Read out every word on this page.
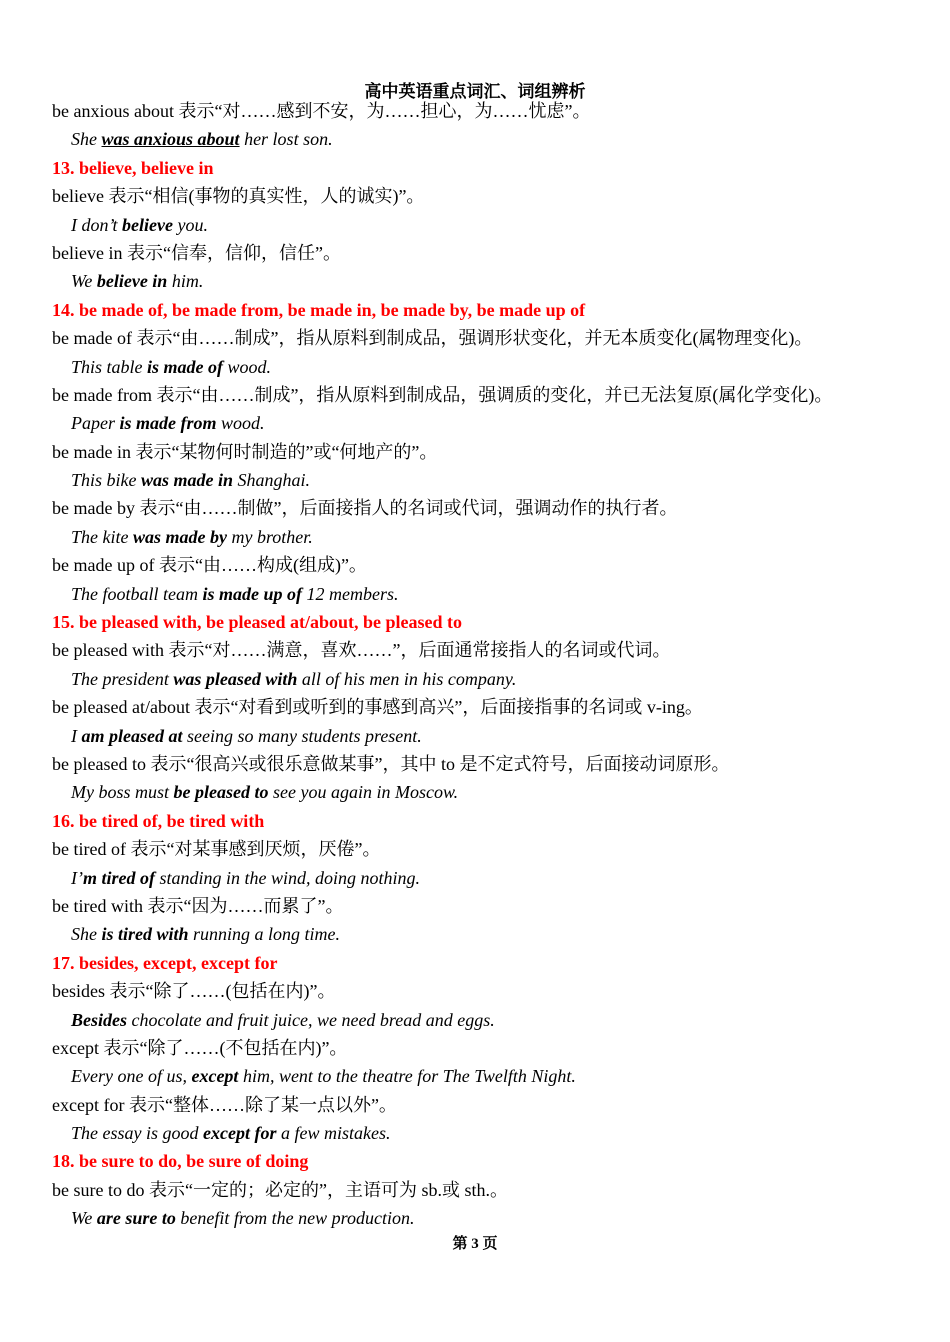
高中英语重点词汇、词组辨析
be anxious about 表示“对……感到不安，为……担心，为……忧虑”。
She was anxious about her lost son.
13. believe, believe in
believe 表示“相信(事物的真实性，人的诚实)”。
I don’t believe you.
believe in 表示“信奉，信仰，信任”。
We believe in him.
14. be made of, be made from, be made in, be made by, be made up of
be made of 表示“由……制成”，指从原料到制成品，强调形状变化，并无本质变化(属物理变化)。
This table is made of wood.
be made from 表示“由……制成”，指从原料到制成品，强调质的变化，并已无法复原(属化学变化)。
Paper is made from wood.
be made in 表示“某物何时制造的”或“何地产的”。
This bike was made in Shanghai.
be made by 表示“由……制做”，后面接指人的名词或代词，强调动作的执行者。
The kite was made by my brother.
be made up of 表示“由……构成(组成)”。
The football team is made up of 12 members.
15. be pleased with, be pleased at/about, be pleased to
be pleased with 表示“对……满意，喜欢……”，后面通常接指人的名词或代词。
The president was pleased with all of his men in his company.
be pleased at/about 表示“对看到或听到的事感到高兴”，后面接指事的名词或 v-ing。
I am pleased at seeing so many students present.
be pleased to 表示“很高兴或很乐意做某事”，其中 to 是不定式符号，后面接动词原形。
My boss must be pleased to see you again in Moscow.
16. be tired of, be tired with
be tired of 表示“对某事感到厌烦，厌倦”。
I’m tired of standing in the wind, doing nothing.
be tired with 表示“因为……而累了”。
She is tired with running a long time.
17. besides, except, except for
besides 表示“除了……(包括在内)”。
Besides chocolate and fruit juice, we need bread and eggs.
except 表示“除了……(不包括在内)”。
Every one of us, except him, went to the theatre for The Twelfth Night.
except for 表示“整体……除了某一点以外”。
The essay is good except for a few mistakes.
18. be sure to do, be sure of doing
be sure to do 表示“一定的；必定的”，主语可为 sb.或 sth.。
We are sure to benefit from the new production.
第 3 页
